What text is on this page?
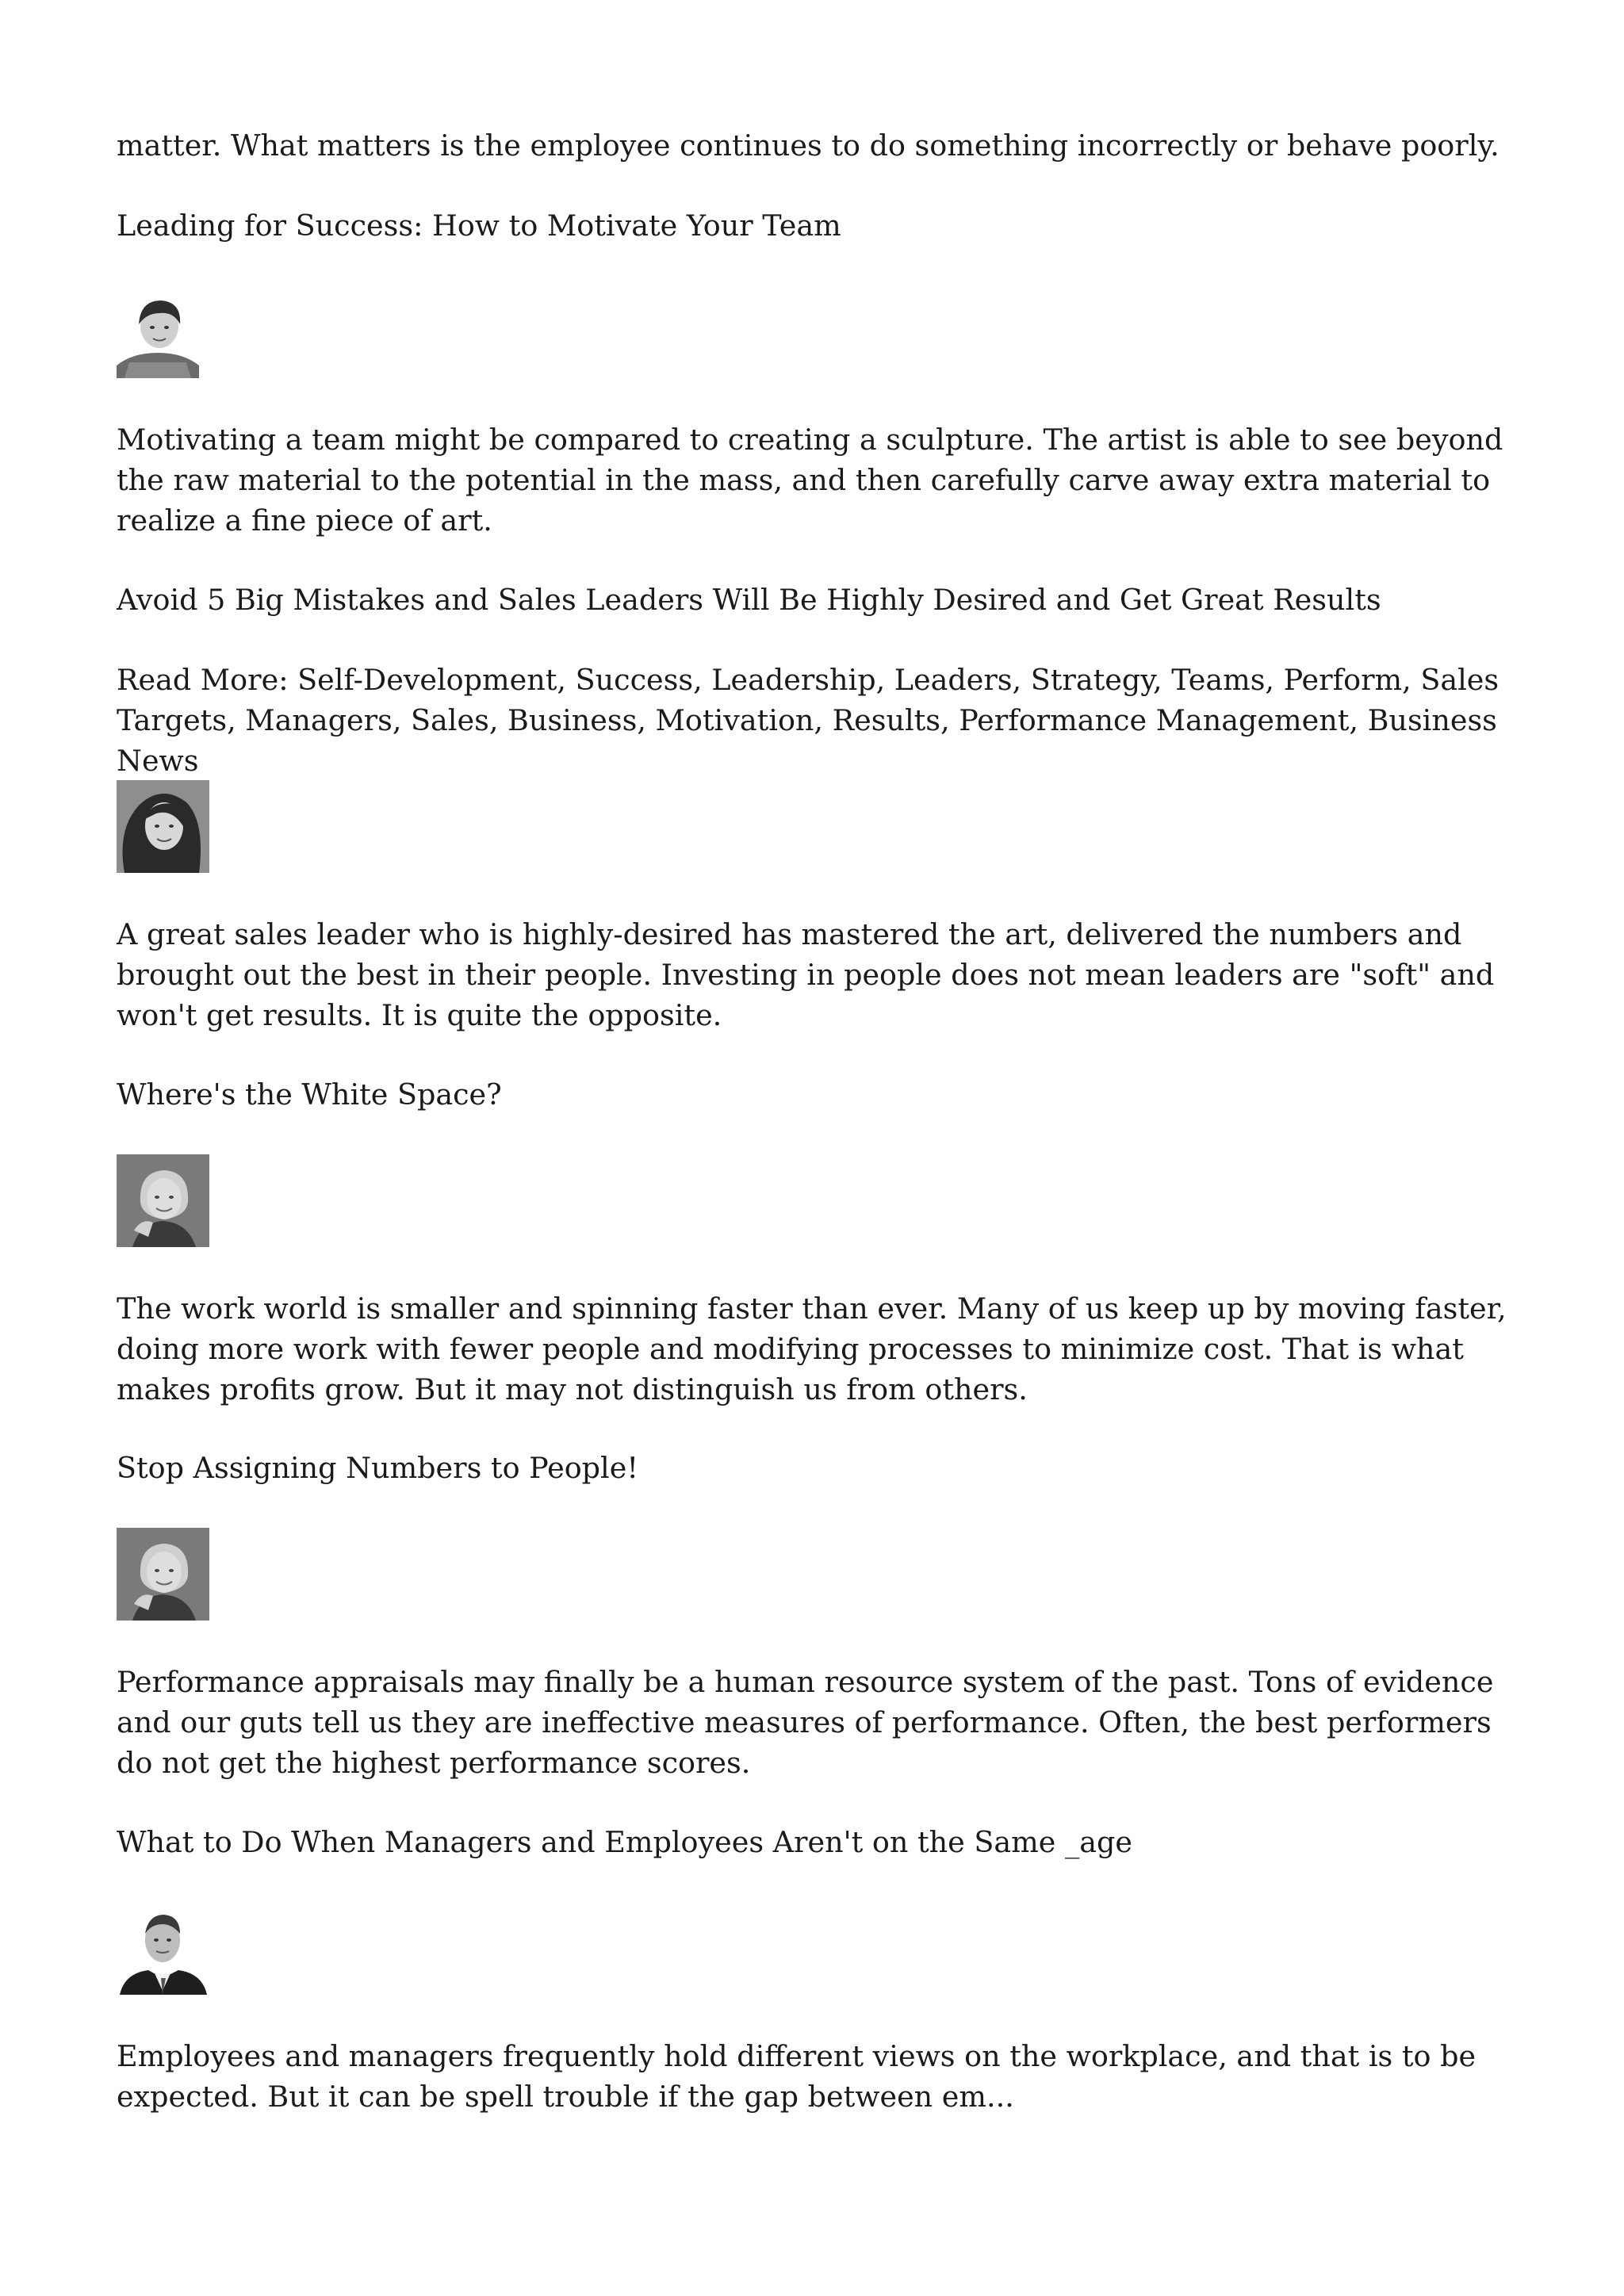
matter. What matters is the employee continues to do something incorrectly or behave poorly.

Leading for Success: How to Motivate Your Team

Motivating a team might be compared to creating a sculpture. The artist is able to see beyond the raw material to the potential in the mass, and then carefully carve away extra material to realize a fine piece of art.

Avoid 5 Big Mistakes and Sales Leaders Will Be Highly Desired and Get Great Results

Read More: Self-Development, Success, Leadership, Leaders, Strategy, Teams, Perform, Sales Targets, Managers, Sales, Business, Motivation, Results, Performance Management, Business News

A great sales leader who is highly-desired has mastered the art, delivered the numbers and brought out the best in their people. Investing in people does not mean leaders are "soft" and won't get results. It is quite the opposite.

Where's the White Space?

The work world is smaller and spinning faster than ever. Many of us keep up by moving faster, doing more work with fewer people and modifying processes to minimize cost. That is what makes profits grow. But it may not distinguish us from others.

Stop Assigning Numbers to People!

Performance appraisals may finally be a human resource system of the past. Tons of evidence and our guts tell us they are ineffective measures of performance. Often, the best performers do not get the highest performance scores.

What to Do When Managers and Employees Aren't on the Same _age

Employees and managers frequently hold different views on the workplace, and that is to be expected. But it can be spell trouble if the gap between em...
